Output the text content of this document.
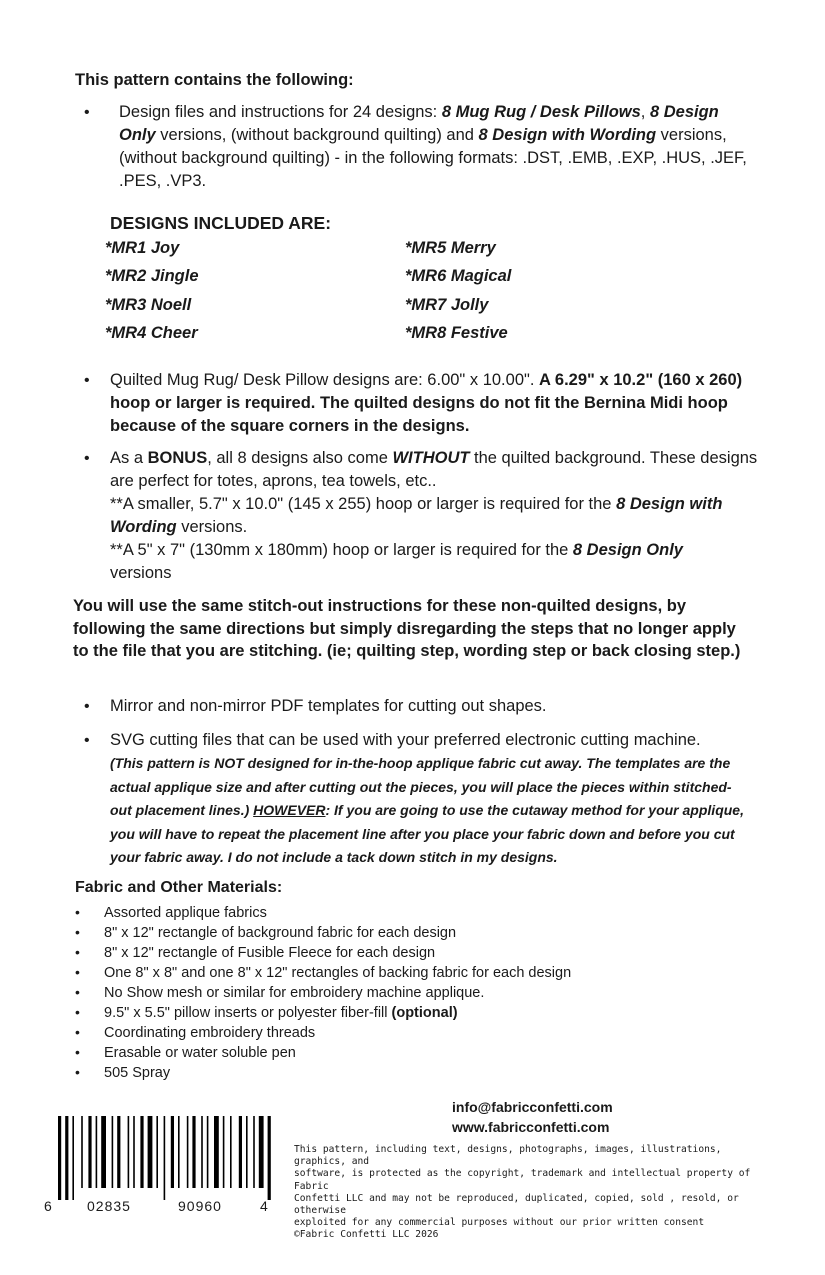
This pattern contains the following:
• Design files and instructions for 24 designs: 8 Mug Rug / Desk Pillows, 8 Design Only versions, (without background quilting) and 8 Design with Wording versions, (without background quilting) - in the following formats: .DST, .EMB, .EXP, .HUS, .JEF, .PES, .VP3.
DESIGNS INCLUDED ARE:
*MR1 Joy
*MR2 Jingle
*MR3 Noell
*MR4 Cheer
*MR5 Merry
*MR6 Magical
*MR7 Jolly
*MR8 Festive
• Quilted Mug Rug/ Desk Pillow designs are: 6.00" x 10.00". A 6.29" x 10.2" (160 x 260) hoop or larger is required. The quilted designs do not fit the Bernina Midi hoop because of the square corners in the designs.
• As a BONUS, all 8 designs also come WITHOUT the quilted background. These designs are perfect for totes, aprons, tea towels, etc..
**A smaller, 5.7" x 10.0" (145 x 255) hoop or larger is required for the 8 Design with Wording versions.
**A 5" x 7" (130mm x 180mm) hoop or larger is required for the 8 Design Only
versions
You will use the same stitch-out instructions for these non-quilted designs, by following the same directions but simply disregarding the steps that no longer apply to the file that you are stitching. (ie; quilting step, wording step or back closing step.)
• Mirror and non-mirror PDF templates for cutting out shapes.
• SVG cutting files that can be used with your preferred electronic cutting machine.
(This pattern is NOT designed for in-the-hoop applique fabric cut away. The templates are the actual applique size and after cutting out the pieces, you will place the pieces within stitched-out placement lines.) HOWEVER: If you are going to use the cutaway method for your applique, you will have to repeat the placement line after you place your fabric down and before you cut your fabric away. I do not include a tack down stitch in my designs.
Fabric and Other Materials:
• Assorted applique fabrics
• 8" x 12" rectangle of background fabric for each design
• 8" x 12" rectangle of Fusible Fleece for each design
• One 8" x 8" and one 8" x 12" rectangles of backing fabric for each design
• No Show mesh or similar for embroidery machine applique.
• 9.5" x 5.5" pillow inserts or polyester fiber-fill (optional)
• Coordinating embroidery threads
• Erasable or water soluble pen
• 505 Spray
info@fabricconfetti.com
www.fabricconfetti.com
This pattern, including text, designs, photographs, images, illustrations, graphics, and
software, is protected as the copyright, trademark and intellectual property of Fabric
Confetti LLC and may not be reproduced, duplicated, copied, sold , resold, or otherwise
exploited for any commercial purposes without our prior written consent
©Fabric Confetti LLC 2026
6	02835	90960	4
